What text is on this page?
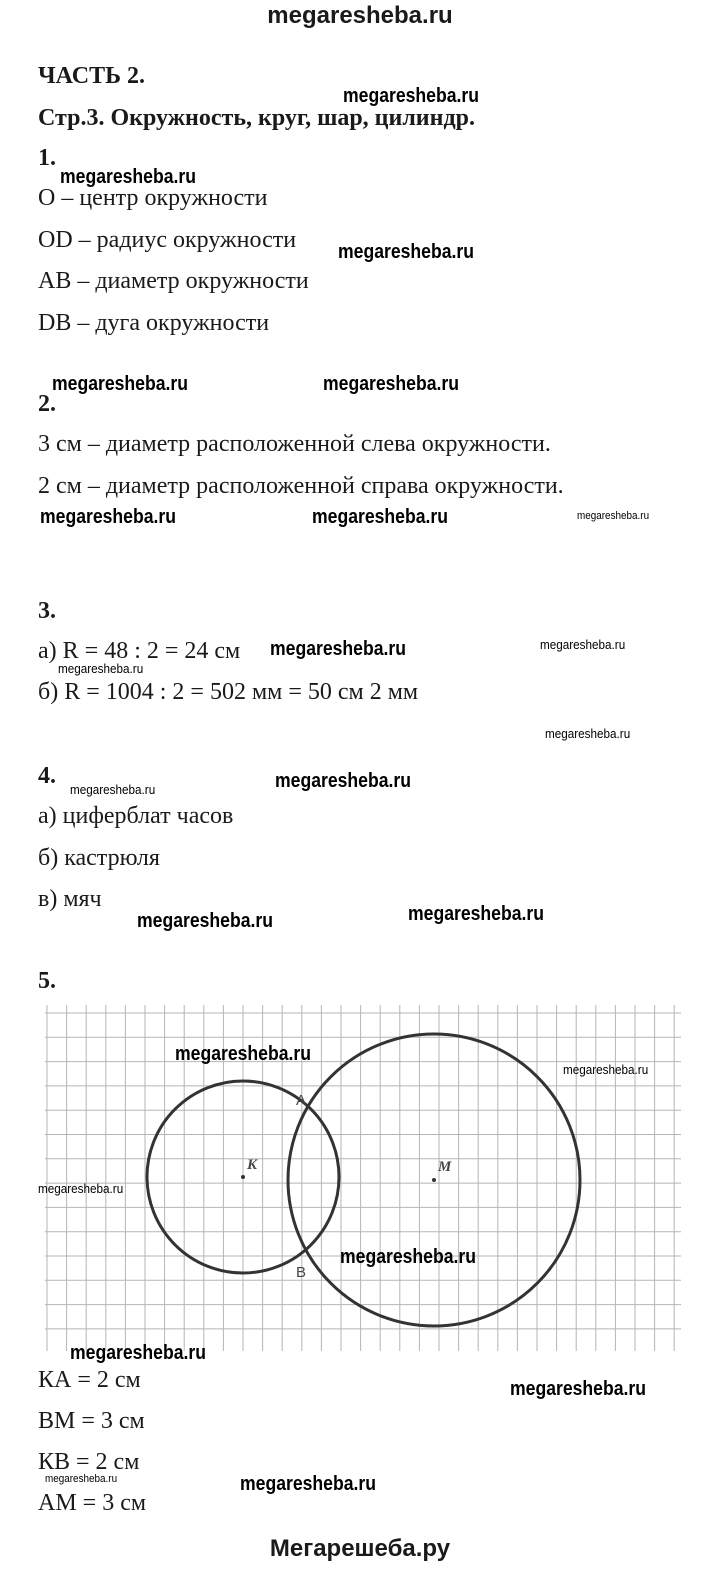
megaresheba.ru
ЧАСТЬ 2.
Стр.3. Окружность, круг, шар, цилиндр.
1.
О – центр окружности
OD – радиус окружности
AB – диаметр окружности
DB – дуга окружности
2.
3 см – диаметр расположенной слева окружности.
2 см – диаметр расположенной справа окружности.
3.
а) R = 48 : 2 = 24 см
б) R = 1004 : 2 = 502 мм = 50 см 2 мм
4.
а) циферблат часов
б) кастрюля
в) мяч
5.
K	M
A
B
КА = 2 см
ВМ = 3 см
КВ = 2 см
АМ = 3 см
megaresheba.ru
megaresheba.ru
megaresheba.ru
megaresheba.ru	megaresheba.ru
megaresheba.ru	megaresheba.ru	megaresheba.ru
megaresheba.ru	megaresheba.ru
megaresheba.ru
megaresheba.ru
megaresheba.ru
megaresheba.ru
megaresheba.ru
megaresheba.ru
megaresheba.ru
megaresheba.ru
megaresheba.ru
megaresheba.ru
megaresheba.ru
megaresheba.ru
megaresheba.ru	megaresheba.ru
Мегарешеба.ру
